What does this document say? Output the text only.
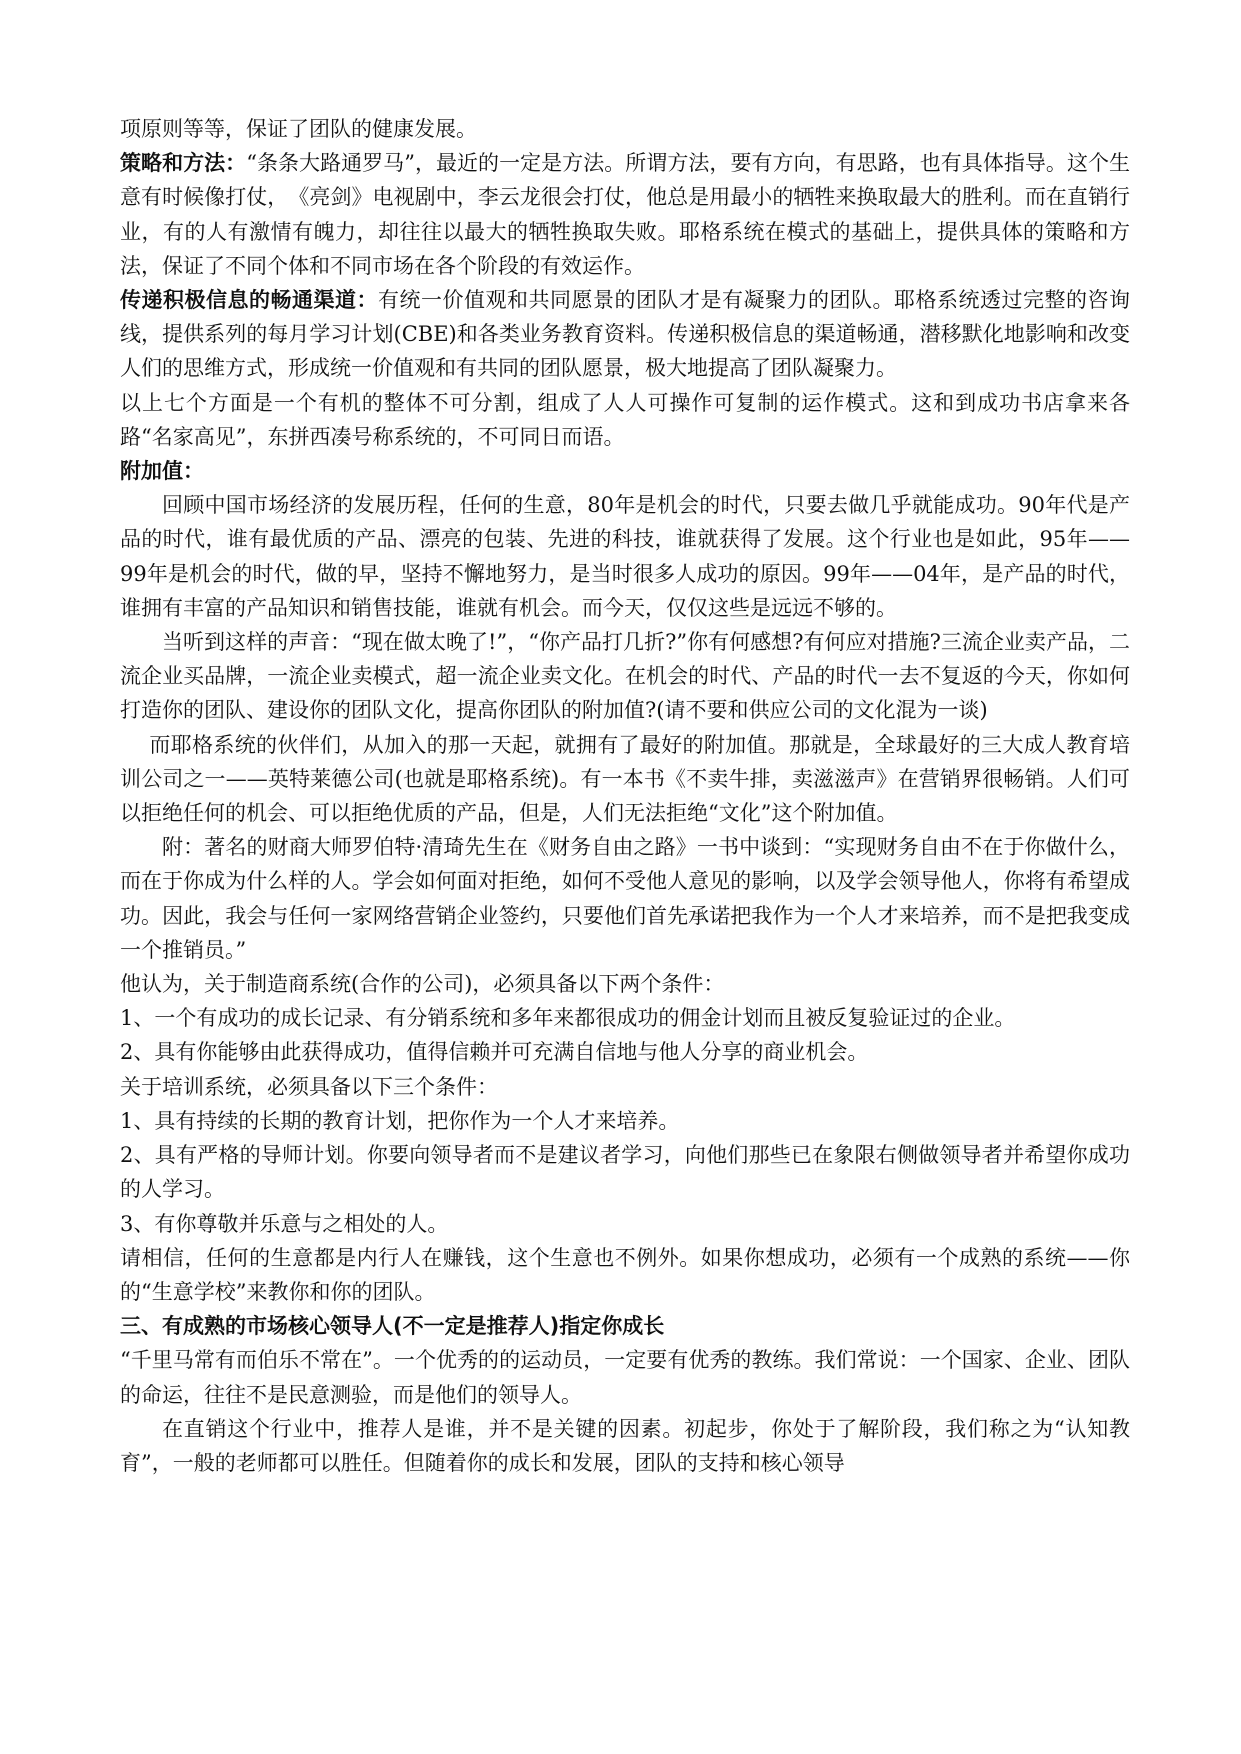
项原则等等，保证了团队的健康发展。

策略和方法：“条条大路通罗马”，最近的一定是方法。所谓方法，要有方向，有思路，也有具体指导。这个生意有时候像打仗，　《亮剑》电视剧中，李云龙很会打仗，他总是用最小的牺牲来换取最大的胜利。而在直销行业，有的人有激情有魄力，却往往以最大的牺牲换取失败。耶格系统在模式的基础上，提供具体的策略和方法，保证了不同个体和不同市场在各个阶段的有效运作。

传递积极信息的畅通渠道：有统一价值观和共同愿景的团队才是有凝聚力的团队。耶格系统透过完整的咨询线，提供系列的每月学习计划(CBE)和各类业务教育资料。传递积极信息的渠道畅通，潜移默化地影响和改变人们的思维方式，形成统一价值观和有共同的团队愿景，极大地提高了团队凝聚力。

以上七个方面是一个有机的整体不可分割，组成了人人可操作可复制的运作模式。这和到成功书店拿来各路“名家高见”，东拼西凑号称系统的，不可同日而语。

附加值：

回顾中国市场经济的发展历程，任何的生意，80年是机会的时代，只要去做几乎就能成功。90年代是产品的时代，谁有最优质的产品、漂亮的包装、先进的科技，谁就获得了发展。这个行业也是如此，95年——99年是机会的时代，做的早，坚持不懈地努力，是当时很多人成功的原因。99年——04年，是产品的时代，谁拥有丰富的产品知识和销售技能，谁就有机会。而今天，仅仅这些是远远不够的。

当听到这样的声音：“现在做太晚了!”，“你产品打几折?”你有何感想?有何应对措施?三流企业卖产品，二流企业买品牌，一流企业卖模式，超一流企业卖文化。在机会的时代、产品的时代一去不复返的今天，你如何打造你的团队、建设你的团队文化，提高你团队的附加值?(请不要和供应公司的文化混为一谈)

而耶格系统的伙伴们，从加入的那一天起，就拥有了最好的附加值。那就是，全球最好的三大成人教育培训公司之一——英特莱德公司(也就是耶格系统)。有一本书《不卖牛排，卖滋滋声》在营销界很畅销。人们可以拒绝任何的机会、可以拒绝优质的产品，但是，人们无法拒绝“文化”这个附加值。

附：著名的财商大师罗伯特·清琦先生在《财务自由之路》一书中谈到：“实现财务自由不在于你做什么，而在于你成为什么样的人。学会如何面对拒绝，如何不受他人意见的影响，以及学会领导他人，你将有希望成功。因此，我会与任何一家网络营销企业签约，只要他们首先承诺把我作为一个人才来培养，而不是把我变成一个推销员。”

他认为，关于制造商系统(合作的公司)，必须具备以下两个条件：

1、一个有成功的成长记录、有分销系统和多年来都很成功的佣金计划而且被反复验证过的企业。

2、具有你能够由此获得成功，值得信赖并可充满自信地与他人分享的商业机会。

关于培训系统，必须具备以下三个条件：

1、具有持续的长期的教育计划，把你作为一个人才来培养。

2、具有严格的导师计划。你要向领导者而不是建议者学习，向他们那些已在象限右侧做领导者并希望你成功的人学习。

3、有你尊敬并乐意与之相处的人。

请相信，任何的生意都是内行人在赚钱，这个生意也不例外。如果你想成功，必须有一个成熟的系统——你的“生意学校”来教你和你的团队。

三、有成熟的市场核心领导人(不一定是推荐人)指定你成长

“千里马常有而伯乐不常在”。一个优秀的的运动员，一定要有优秀的教练。我们常说：一个国家、企业、团队的命运，往往不是民意测验，而是他们的领导人。

在直销这个行业中，推荐人是谁，并不是关键的因素。初起步，你处于了解阶段，我们称之为“认知教育”，一般的老师都可以胜任。但随着你的成长和发展，团队的支持和核心领导
